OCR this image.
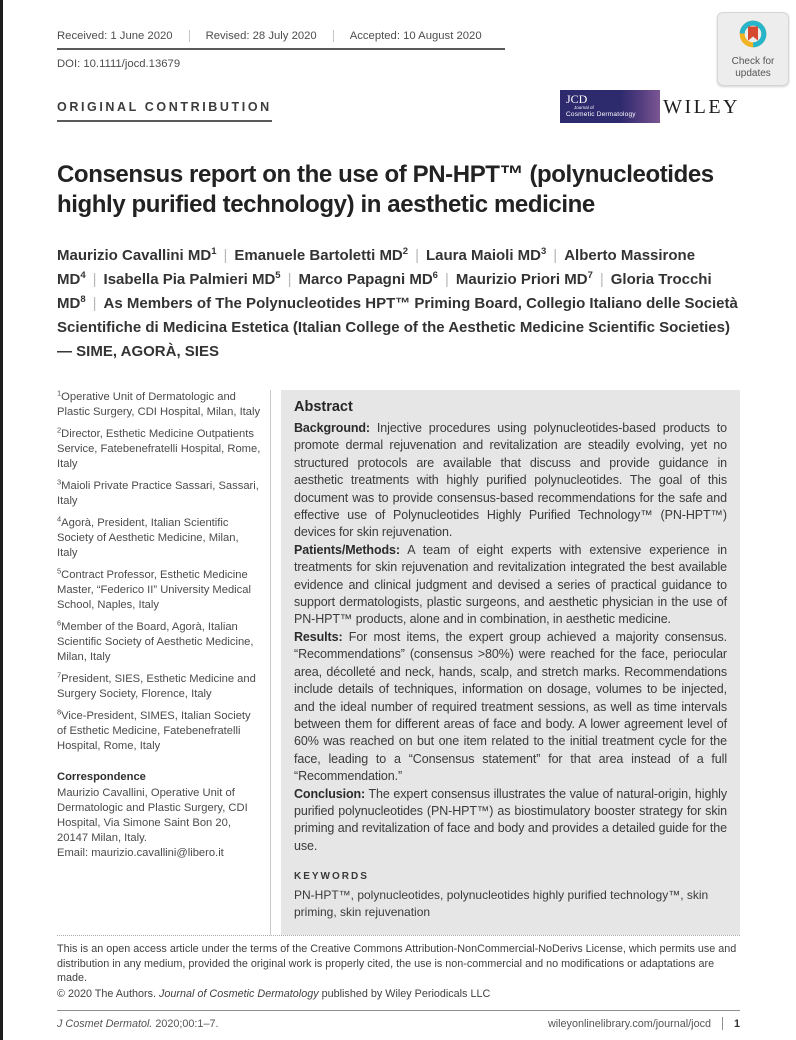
Check for updates
Received: 1 June 2020	Revised: 28 July 2020	Accepted: 10 August 2020
DOI: 10.1111/jocd.13679
ORIGINAL CONTRIBUTION
JCD
Journal of
Cosmetic Dermatology	WILEY
Consensus report on the use of PN-HPT™ (polynucleotides
highly purified technology) in aesthetic medicine
Maurizio Cavallini $MD^1$ | Emanuele Bartoletti $MD^2$ | Laura Maioli $MD^3$ | Alberto Massirone $MD^4$ | Isabella Pia Palmieri $MD^5$ | Marco Papagni $MD^6$ | Maurizio Priori $MD^7$ | Gloria Trocchi $MD^8$ | As Members of The Polynucleotides HPT™ Priming Board, Collegio Italiano delle Società Scientifiche di Medicina Estetica (Italian College of the Aesthetic Medicine Scientific Societies) — SIME, AGORÀ, SIES

$^1$Operative Unit of Dermatologic and Plastic Surgery, CDI Hospital, Milan, Italy

$^2$Director, Esthetic Medicine Outpatients Service, Fatebenefratelli Hospital, Rome, Italy

$^3$Maioli Private Practice Sassari, Sassari, Italy

$^4$Agorà, President, Italian Scientific Society of Aesthetic Medicine, Milan, Italy

$^5$Contract Professor, Esthetic Medicine Master, “Federico II” University Medical School, Naples, Italy

$^6$Member of the Board, Agorà, Italian Scientific Society of Aesthetic Medicine, Milan, Italy

$^7$President, SIES, Esthetic Medicine and Surgery Society, Florence, Italy

$^8$Vice-President, SIMES, Italian Society of Esthetic Medicine, Fatebenefratelli Hospital, Rome, Italy

Correspondence
Maurizio Cavallini, Operative Unit of Dermatologic and Plastic Surgery, CDI Hospital, Via Simone Saint Bon 20, 20147 Milan, Italy.
Email: maurizio.cavallini@libero.it
Abstract

Background: Injective procedures using polynucleotides-based products to promote dermal rejuvenation and revitalization are steadily evolving, yet no structured protocols are available that discuss and provide guidance in aesthetic treatments with highly purified polynucleotides. The goal of this document was to provide consensus-based recommendations for the safe and effective use of Polynucleotides Highly Purified Technology™ (PN-HPT™) devices for skin rejuvenation.

Patients/Methods: A team of eight experts with extensive experience in treatments for skin rejuvenation and revitalization integrated the best available evidence and clinical judgment and devised a series of practical guidance to support dermatologists, plastic surgeons, and aesthetic physician in the use of PN-HPT™ products, alone and in combination, in aesthetic medicine.

Results: For most items, the expert group achieved a majority consensus. “Recommendations” (consensus >80%) were reached for the face, periocular area, décolleté and neck, hands, scalp, and stretch marks. Recommendations include details of techniques, information on dosage, volumes to be injected, and the ideal number of required treatment sessions, as well as time intervals between them for different areas of face and body. A lower agreement level of 60% was reached on but one item related to the initial treatment cycle for the face, leading to a “Consensus statement” for that area instead of a full “Recommendation.”

Conclusion: The expert consensus illustrates the value of natural-origin, highly purified polynucleotides (PN-HPT™) as biostimulatory booster strategy for skin priming and revitalization of face and body and provides a detailed guide for the use.

KEYWORDS
PN-HPT™, polynucleotides, polynucleotides highly purified technology™, skin priming, skin rejuvenation

This is an open access article under the terms of the Creative Commons Attribution-NonCommercial-NoDerivs License, which permits use and distribution in any medium, provided the original work is properly cited, the use is non-commercial and no modifications or adaptations are made.

© 2020 The Authors. Journal of Cosmetic Dermatology published by Wiley Periodicals LLC

J Cosmet Dermatol. 2020;00:1–7.	wileyonlinelibrary.com/journal/jocd 1
